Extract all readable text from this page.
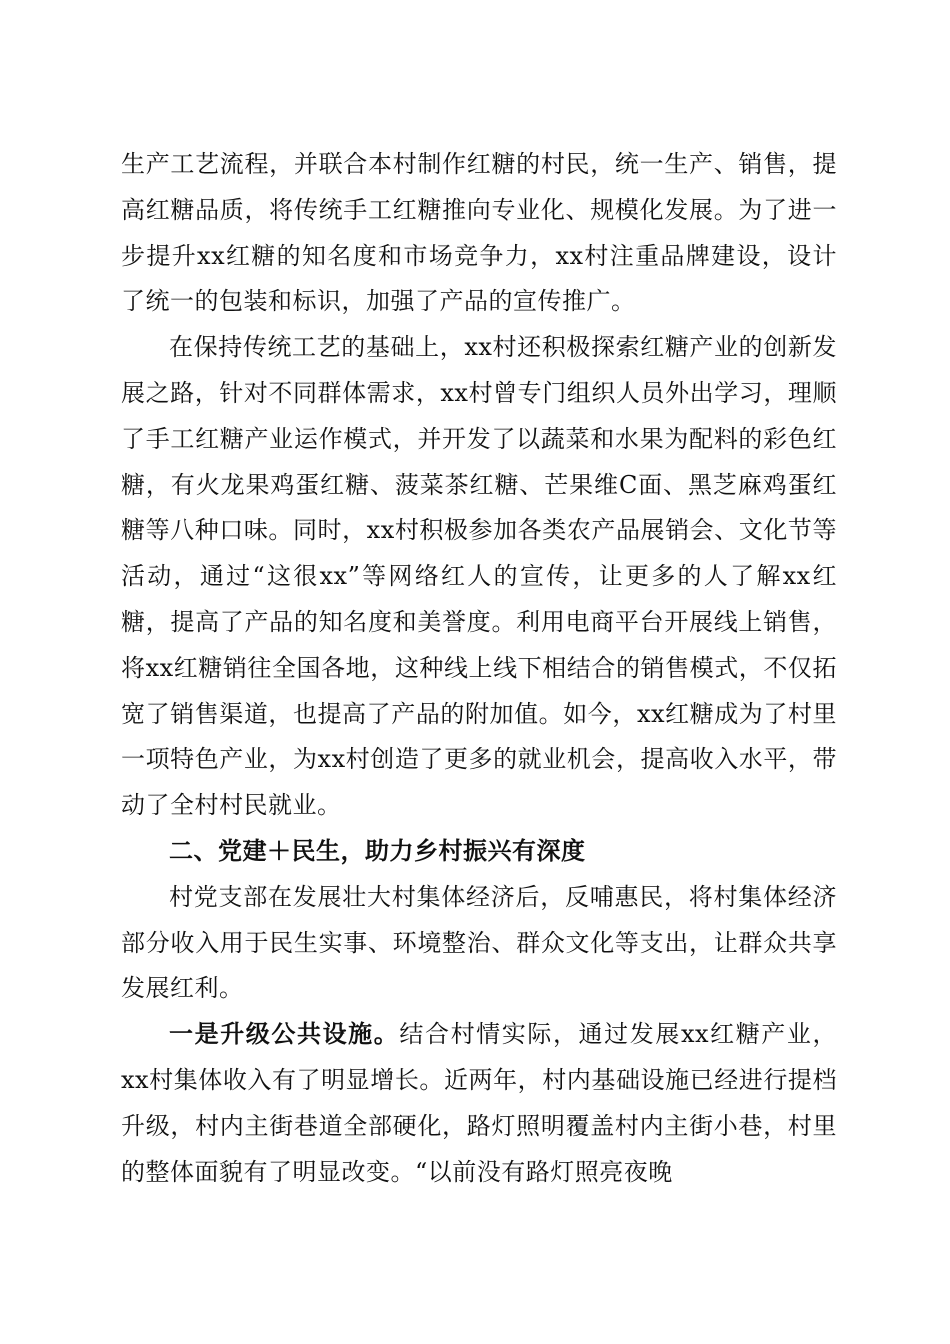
生产工艺流程，并联合本村制作红糖的村民，统一生产、销售，提高红糖品质，将传统手工红糖推向专业化、规模化发展。为了进一步提升xx红糖的知名度和市场竞争力，xx村注重品牌建设，设计了统一的包装和标识，加强了产品的宣传推广。

在保持传统工艺的基础上，xx村还积极探索红糖产业的创新发展之路，针对不同群体需求，xx村曾专门组织人员外出学习，理顺了手工红糖产业运作模式，并开发了以蔬菜和水果为配料的彩色红糖，有火龙果鸡蛋红糖、菠菜茶红糖、芒果维C面、黑芝麻鸡蛋红糖等八种口味。同时，xx村积极参加各类农产品展销会、文化节等活动，通过“这很xx”等网络红人的宣传，让更多的人了解xx红糖，提高了产品的知名度和美誉度。利用电商平台开展线上销售，将xx红糖销往全国各地，这种线上线下相结合的销售模式，不仅拓宽了销售渠道，也提高了产品的附加值。如今，xx红糖成为了村里一项特色产业，为xx村创造了更多的就业机会，提高收入水平，带动了全村村民就业。

二、党建＋民生，助力乡村振兴有深度

村党支部在发展壮大村集体经济后，反哺惠民，将村集体经济部分收入用于民生实事、环境整治、群众文化等支出，让群众共享发展红利。

一是升级公共设施。结合村情实际，通过发展xx红糖产业，xx村集体收入有了明显增长。近两年，村内基础设施已经进行提档升级，村内主街巷道全部硬化，路灯照明覆盖村内主街小巷，村里的整体面貌有了明显改变。“以前没有路灯照亮夜晚
